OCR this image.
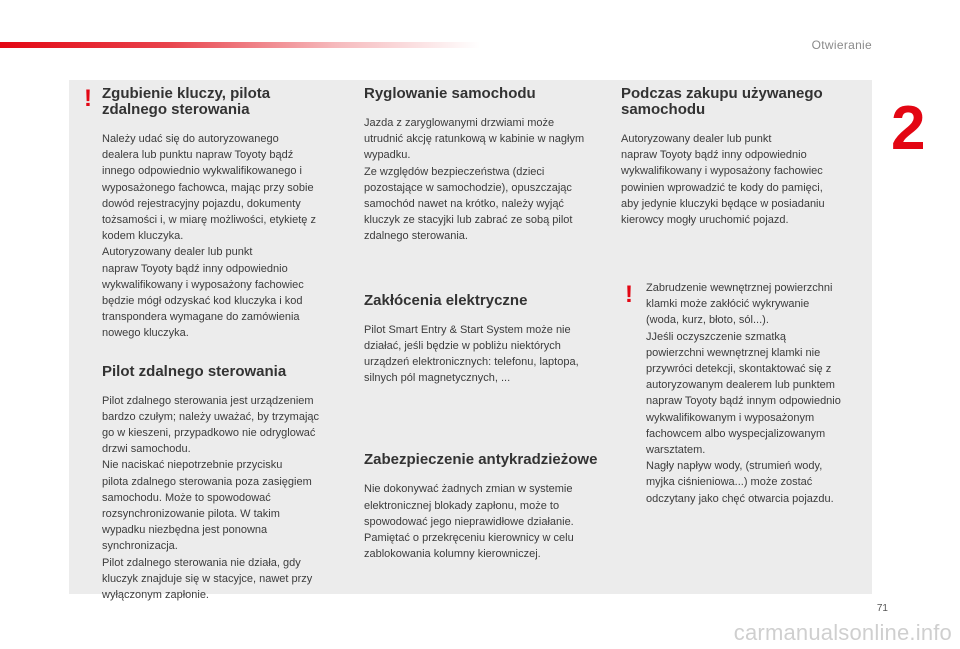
Otwieranie
2
! Zgubienie kluczy, pilota
zdalnego sterowania

Należy udać się do autoryzowanego
dealera lub punktu napraw Toyoty bądź
innego odpowiednio wykwalifikowanego i
wyposażonego fachowca, mając przy sobie
dowód rejestracyjny pojazdu, dokumenty
tożsamości i, w miarę możliwości, etykietę z
kodem kluczyka.
Autoryzowany dealer lub punkt
napraw Toyoty bądź inny odpowiednio
wykwalifikowany i wyposażony fachowiec
będzie mógł odzyskać kod kluczyka i kod
transpondera wymagane do zamówienia
nowego kluczyka.

Pilot zdalnego sterowania

Pilot zdalnego sterowania jest urządzeniem
bardzo czułym; należy uważać, by trzymając
go w kieszeni, przypadkowo nie odryglować
drzwi samochodu.
Nie naciskać niepotrzebnie przycisku
pilota zdalnego sterowania poza zasięgiem
samochodu. Może to spowodować
rozsynchronizowanie pilota. W takim
wypadku niezbędna jest ponowna
synchronizacja.
Pilot zdalnego sterowania nie działa, gdy
kluczyk znajduje się w stacyjce, nawet przy
wyłączonym zapłonie.

Ryglowanie samochodu

Jazda z zaryglowanymi drzwiami może
utrudnić akcję ratunkową w kabinie w nagłym
wypadku.
Ze względów bezpieczeństwa (dzieci
pozostające w samochodzie), opuszczając
samochód nawet na krótko, należy wyjąć
kluczyk ze stacyjki lub zabrać ze sobą pilot
zdalnego sterowania.

Zakłócenia elektryczne

Pilot Smart Entry & Start System może nie
działać, jeśli będzie w pobliżu niektórych
urządzeń elektronicznych: telefonu, laptopa,
silnych pól magnetycznych, ...

Zabezpieczenie antykradzieżowe

Nie dokonywać żadnych zmian w systemie
elektronicznej blokady zapłonu, może to
spowodować jego nieprawidłowe działanie.
Pamiętać o przekręceniu kierownicy w celu
zablokowania kolumny kierowniczej.

Podczas zakupu używanego
samochodu

Autoryzowany dealer lub punkt
napraw Toyoty bądź inny odpowiednio
wykwalifikowany i wyposażony fachowiec
powinien wprowadzić te kody do pamięci,
aby jedynie kluczyki będące w posiadaniu
kierowcy mogły uruchomić pojazd.

! Zabrudzenie wewnętrznej powierzchni
klamki może zakłócić wykrywanie
(woda, kurz, błoto, sól...).
JJeśli oczyszczenie szmatką
powierzchni wewnętrznej klamki nie
przywróci detekcji, skontaktować się z
autoryzowanym dealerem lub punktem
napraw Toyoty bądź innym odpowiednio
wykwalifikowanym i wyposażonym
fachowcem albo wyspecjalizowanym
warsztatem.
Nagły napływ wody, (strumień wody,
myjka ciśnieniowa...) może zostać
odczytany jako chęć otwarcia pojazdu.

71
carmanualsonline.info
